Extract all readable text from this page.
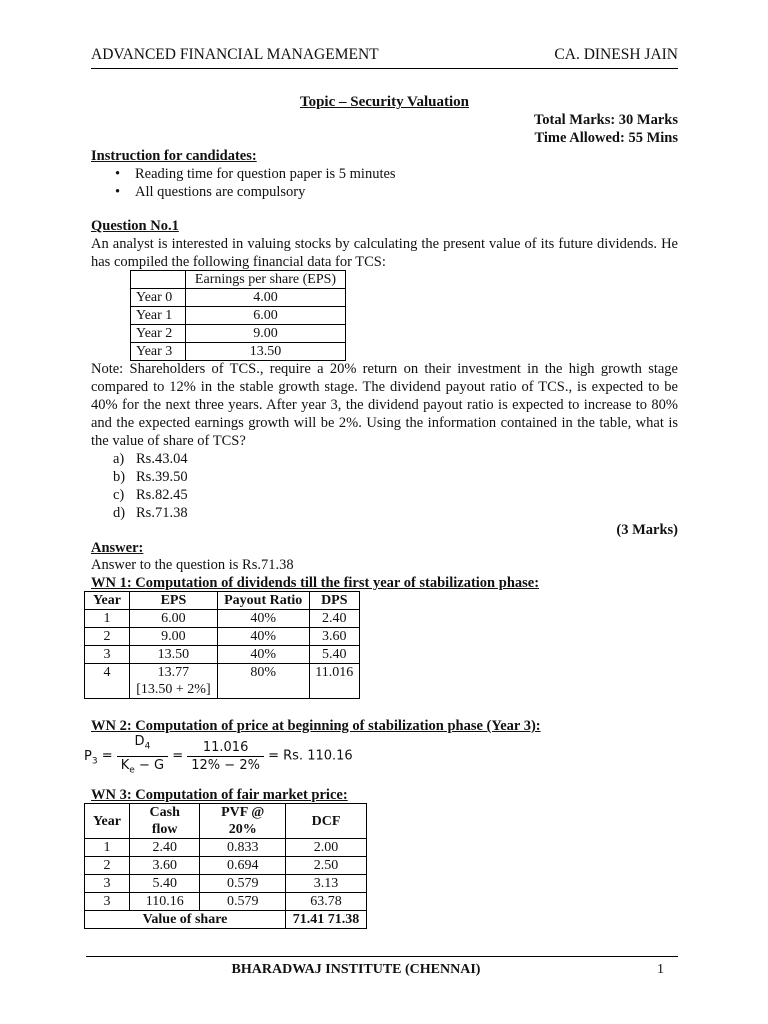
ADVANCED FINANCIAL MANAGEMENT	CA. DINESH JAIN
Topic – Security Valuation
Total Marks: 30 Marks
Time Allowed: 55 Mins
Instruction for candidates:
• Reading time for question paper is 5 minutes
• All questions are compulsory
Question No.1
An analyst is interested in valuing stocks by calculating the present value of its future dividends. He has compiled the following financial data for TCS:
	Earnings per share (EPS)
Year 0	4.00
Year 1	6.00
Year 2	9.00
Year 3	13.50
Note: Shareholders of TCS., require a 20% return on their investment in the high growth stage compared to 12% in the stable growth stage. The dividend payout ratio of TCS., is expected to be 40% for the next three years. After year 3, the dividend payout ratio is expected to increase to 80% and the expected earnings growth will be 2%. Using the information contained in the table, what is the value of share of TCS?
a) Rs.43.04
b) Rs.39.50
c) Rs.82.45
d) Rs.71.38
(3 Marks)
Answer:
Answer to the question is Rs.71.38
WN 1: Computation of dividends till the first year of stabilization phase:
Year	EPS	Payout Ratio	DPS
1	6.00	40%	2.40
2	9.00	40%	3.60
3	13.50	40%	5.40
4	13.77
[13.50 + 2%]	80%	11.016
WN 2: Computation of price at beginning of stabilization phase (Year 3):
$P_3 = \frac{D_4}{K_e - G} = \frac{11.016}{12\% - 2\%} = Rs$. 110.16
WN 3: Computation of fair market price:
Year	Cash flow	PVF @ 20%	DCF
1	2.40	0.833	2.00
2	3.60	0.694	2.50
3	5.40	0.579	3.13
3	110.16	0.579	63.78
Value of share			71.41 71.38
BHARADWAJ INSTITUTE (CHENNAI)	1
